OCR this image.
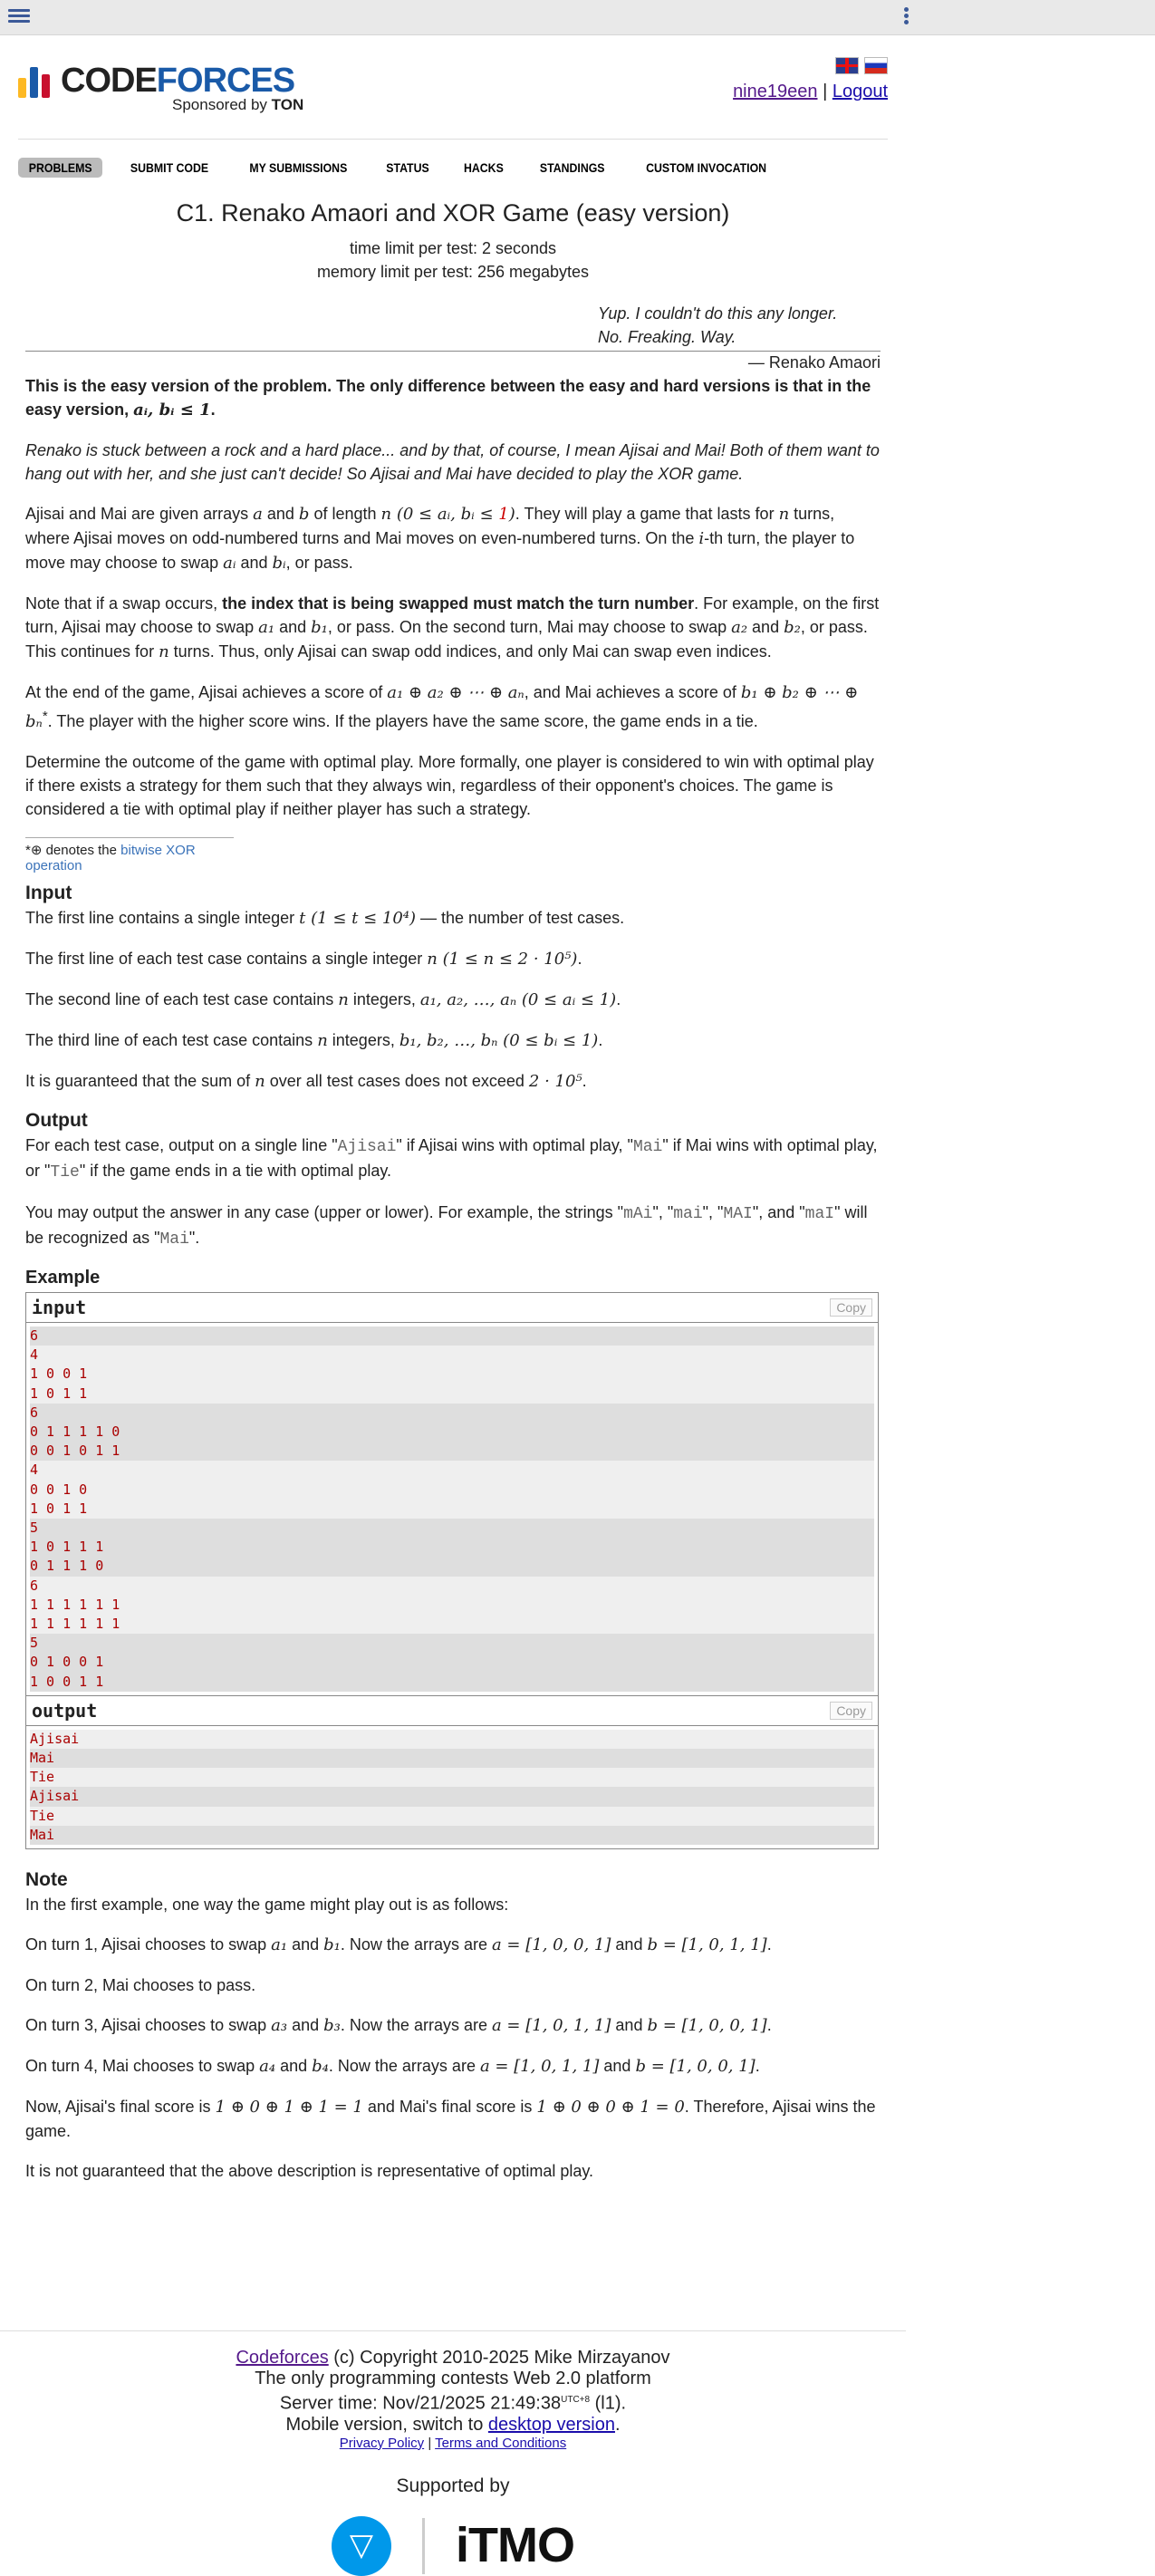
CODEFORCES
Sponsored by TON
nine19een | Logout
PROBLEMS	SUBMIT CODE	MY SUBMISSIONS	STATUS	HACKS	STANDINGS	CUSTOM INVOCATION
C1. Renako Amaori and XOR Game (easy version)
time limit per test: 2 seconds
memory limit per test: 256 megabytes
Yup. I couldn't do this any longer.
No. Freaking. Way.
— Renako Amaori

This is the easy version of the problem. The only difference between the easy and hard versions is that in the easy version, aᵢ, bᵢ ≤ 1.

Renako is stuck between a rock and a hard place... and by that, of course, I mean Ajisai and Mai! Both of them want to hang out with her, and she just can't decide! So Ajisai and Mai have decided to play the XOR game.

Ajisai and Mai are given arrays a and b of length n (0 ≤ aᵢ, bᵢ ≤ 1). They will play a game that lasts for n turns, where Ajisai moves on odd-numbered turns and Mai moves on even-numbered turns. On the i-th turn, the player to move may choose to swap aᵢ and bᵢ, or pass.

Note that if a swap occurs, the index that is being swapped must match the turn number. For example, on the first turn, Ajisai may choose to swap a₁ and b₁, or pass. On the second turn, Mai may choose to swap a₂ and b₂, or pass. This continues for n turns. Thus, only Ajisai can swap odd indices, and only Mai can swap even indices.

At the end of the game, Ajisai achieves a score of a₁ ⊕ a₂ ⊕ ⋯ ⊕ aₙ, and Mai achieves a score of b₁ ⊕ b₂ ⊕ ⋯ ⊕ bₙ*. The player with the higher score wins. If the players have the same score, the game ends in a tie.

Determine the outcome of the game with optimal play. More formally, one player is considered to win with optimal play if there exists a strategy for them such that they always win, regardless of their opponent's choices. The game is considered a tie with optimal play if neither player has such a strategy.

*⊕ denotes the bitwise XOR operation
Input

The first line contains a single integer t (1 ≤ t ≤ 10⁴) — the number of test cases.

The first line of each test case contains a single integer n (1 ≤ n ≤ 2 · 10⁵).

The second line of each test case contains n integers, a₁, a₂, …, aₙ (0 ≤ aᵢ ≤ 1).

The third line of each test case contains n integers, b₁, b₂, …, bₙ (0 ≤ bᵢ ≤ 1).

It is guaranteed that the sum of n over all test cases does not exceed 2 · 10⁵.

Output

For each test case, output on a single line "Ajisai" if Ajisai wins with optimal play, "Mai" if Mai wins with optimal play, or "Tie" if the game ends in a tie with optimal play.

You may output the answer in any case (upper or lower). For example, the strings "mAi", "mai", "MAI", and "maI" will be recognized as "Mai".

Example
input	Copy
6
4
1 0 0 1
1 0 1 1
6
0 1 1 1 1 0
0 0 1 0 1 1
4
0 0 1 0
1 0 1 1
5
1 0 1 1 1
0 1 1 1 0
6
1 1 1 1 1 1
1 1 1 1 1 1
5
0 1 0 0 1
1 0 0 1 1
output	Copy
Ajisai
Mai
Tie
Ajisai
Tie
Mai
Note

In the first example, one way the game might play out is as follows:

On turn 1, Ajisai chooses to swap a₁ and b₁. Now the arrays are a = [1, 0, 0, 1] and b = [1, 0, 1, 1].

On turn 2, Mai chooses to pass.

On turn 3, Ajisai chooses to swap a₃ and b₃. Now the arrays are a = [1, 0, 1, 1] and b = [1, 0, 0, 1].

On turn 4, Mai chooses to swap a₄ and b₄. Now the arrays are a = [1, 0, 1, 1] and b = [1, 0, 0, 1].

Now, Ajisai's final score is 1 ⊕ 0 ⊕ 1 ⊕ 1 = 1 and Mai's final score is 1 ⊕ 0 ⊕ 0 ⊕ 1 = 0. Therefore, Ajisai wins the game.

It is not guaranteed that the above description is representative of optimal play.

Codeforces (c) Copyright 2010-2025 Mike Mirzayanov
The only programming contests Web 2.0 platform
Server time: Nov/21/2025 $21:49:38^{UTC+8}$ (l1).
Mobile version, switch to desktop version.
Privacy Policy | Terms and Conditions
Supported by
▽	iTMO
